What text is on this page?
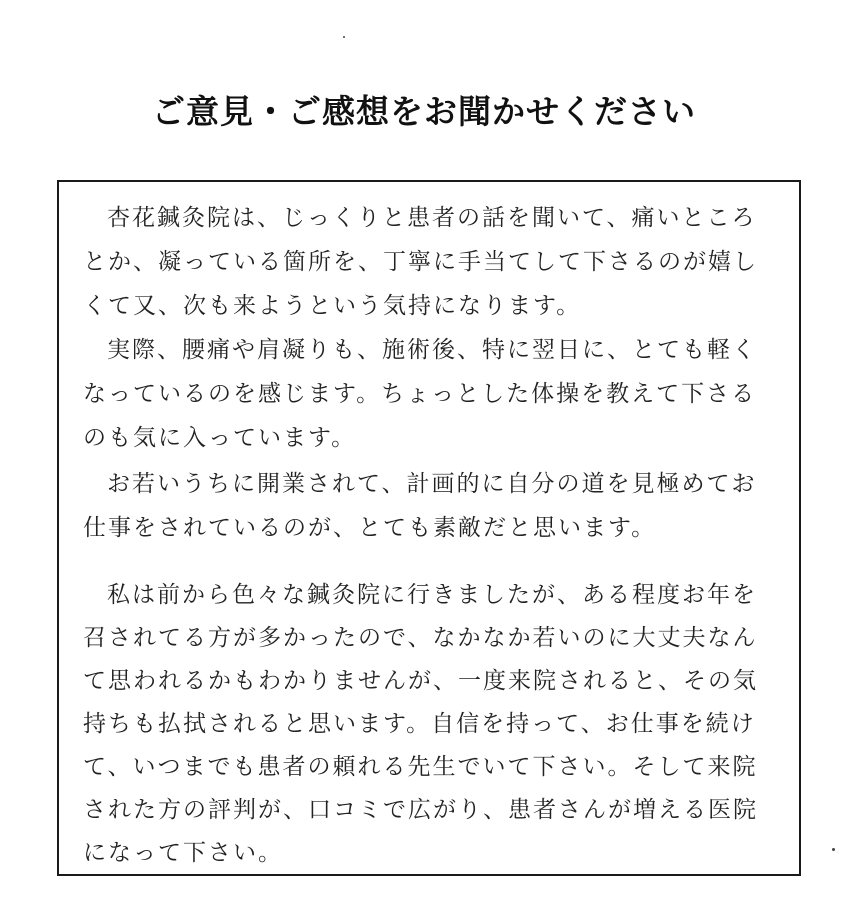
ご意見・ご感想をお聞かせください
杏花鍼灸院は、じっくりと患者の話を聞いて、痛いところとか、凝っている箇所を、丁寧に手当てして下さるのが嬉しくて又、次も来ようという気持になります。
実際、腰痛や肩凝りも、施術後、特に翌日に、とても軽くなっているのを感じます。ちょっとした体操を教えて下さるのも気に入っています。
お若いうちに開業されて、計画的に自分の道を見極めてお仕事をされているのが、とても素敵だと思います。
私は前から色々な鍼灸院に行きましたが、ある程度お年を召されてる方が多かったので、なかなか若いのに大丈夫なんて思われるかもわかりませんが、一度来院されると、その気持ちも払拭されると思います。自信を持って、お仕事を続けて、いつまでも患者の頼れる先生でいて下さい。そして来院された方の評判が、口コミで広がり、患者さんが増える医院になって下さい。
